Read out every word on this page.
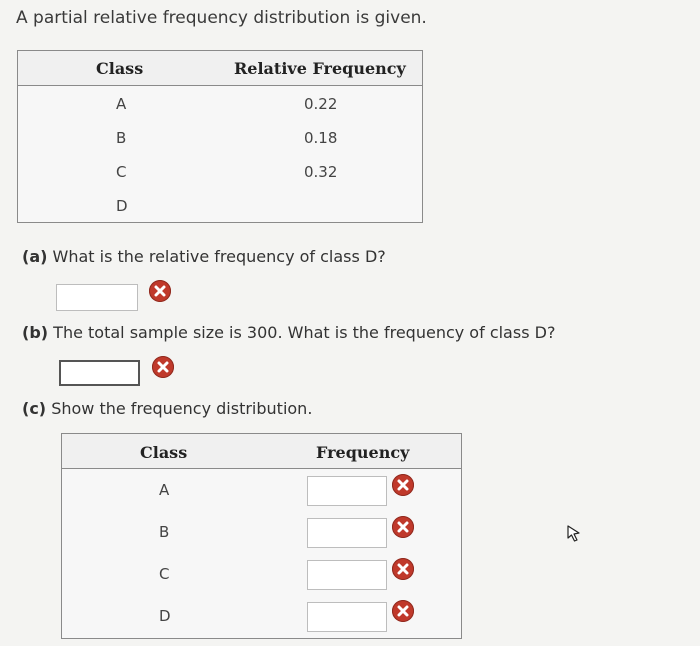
A partial relative frequency distribution is given.
Class	Relative Frequency
A	0.22
B	0.18
C	0.32
D
(a) What is the relative frequency of class D?
(b) The total sample size is 300. What is the frequency of class D?
(c) Show the frequency distribution.
Class	Frequency
A
B
C
D
